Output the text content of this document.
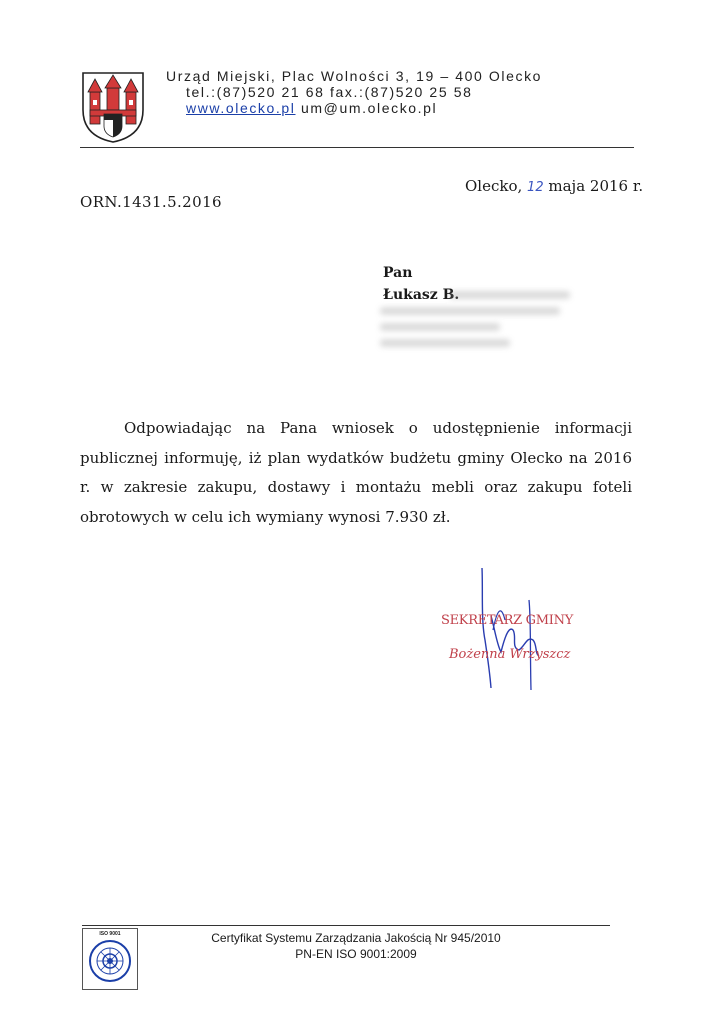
Urząd Miejski, Plac Wolności 3, 19 – 400 Olecko
tel.:(87)520 21 68 fax.:(87)520 25 58
www.olecko.pl um@um.olecko.pl
Olecko, 12 maja 2016 r.
ORN.1431.5.2016
Pan
Łukasz B.
Odpowiadając na Pana wniosek o udostępnienie informacji publicznej informuję, iż plan wydatków budżetu gminy Olecko na 2016 r. w zakresie zakupu, dostawy i montażu mebli oraz zakupu foteli obrotowych w celu ich wymiany wynosi 7.930 zł.
SEKRETARZ GMINY
Bożenna Wrzyszcz
ISO 9001	Certyfikat Systemu Zarządzania Jakością Nr 945/2010
PN-EN ISO 9001:2009
